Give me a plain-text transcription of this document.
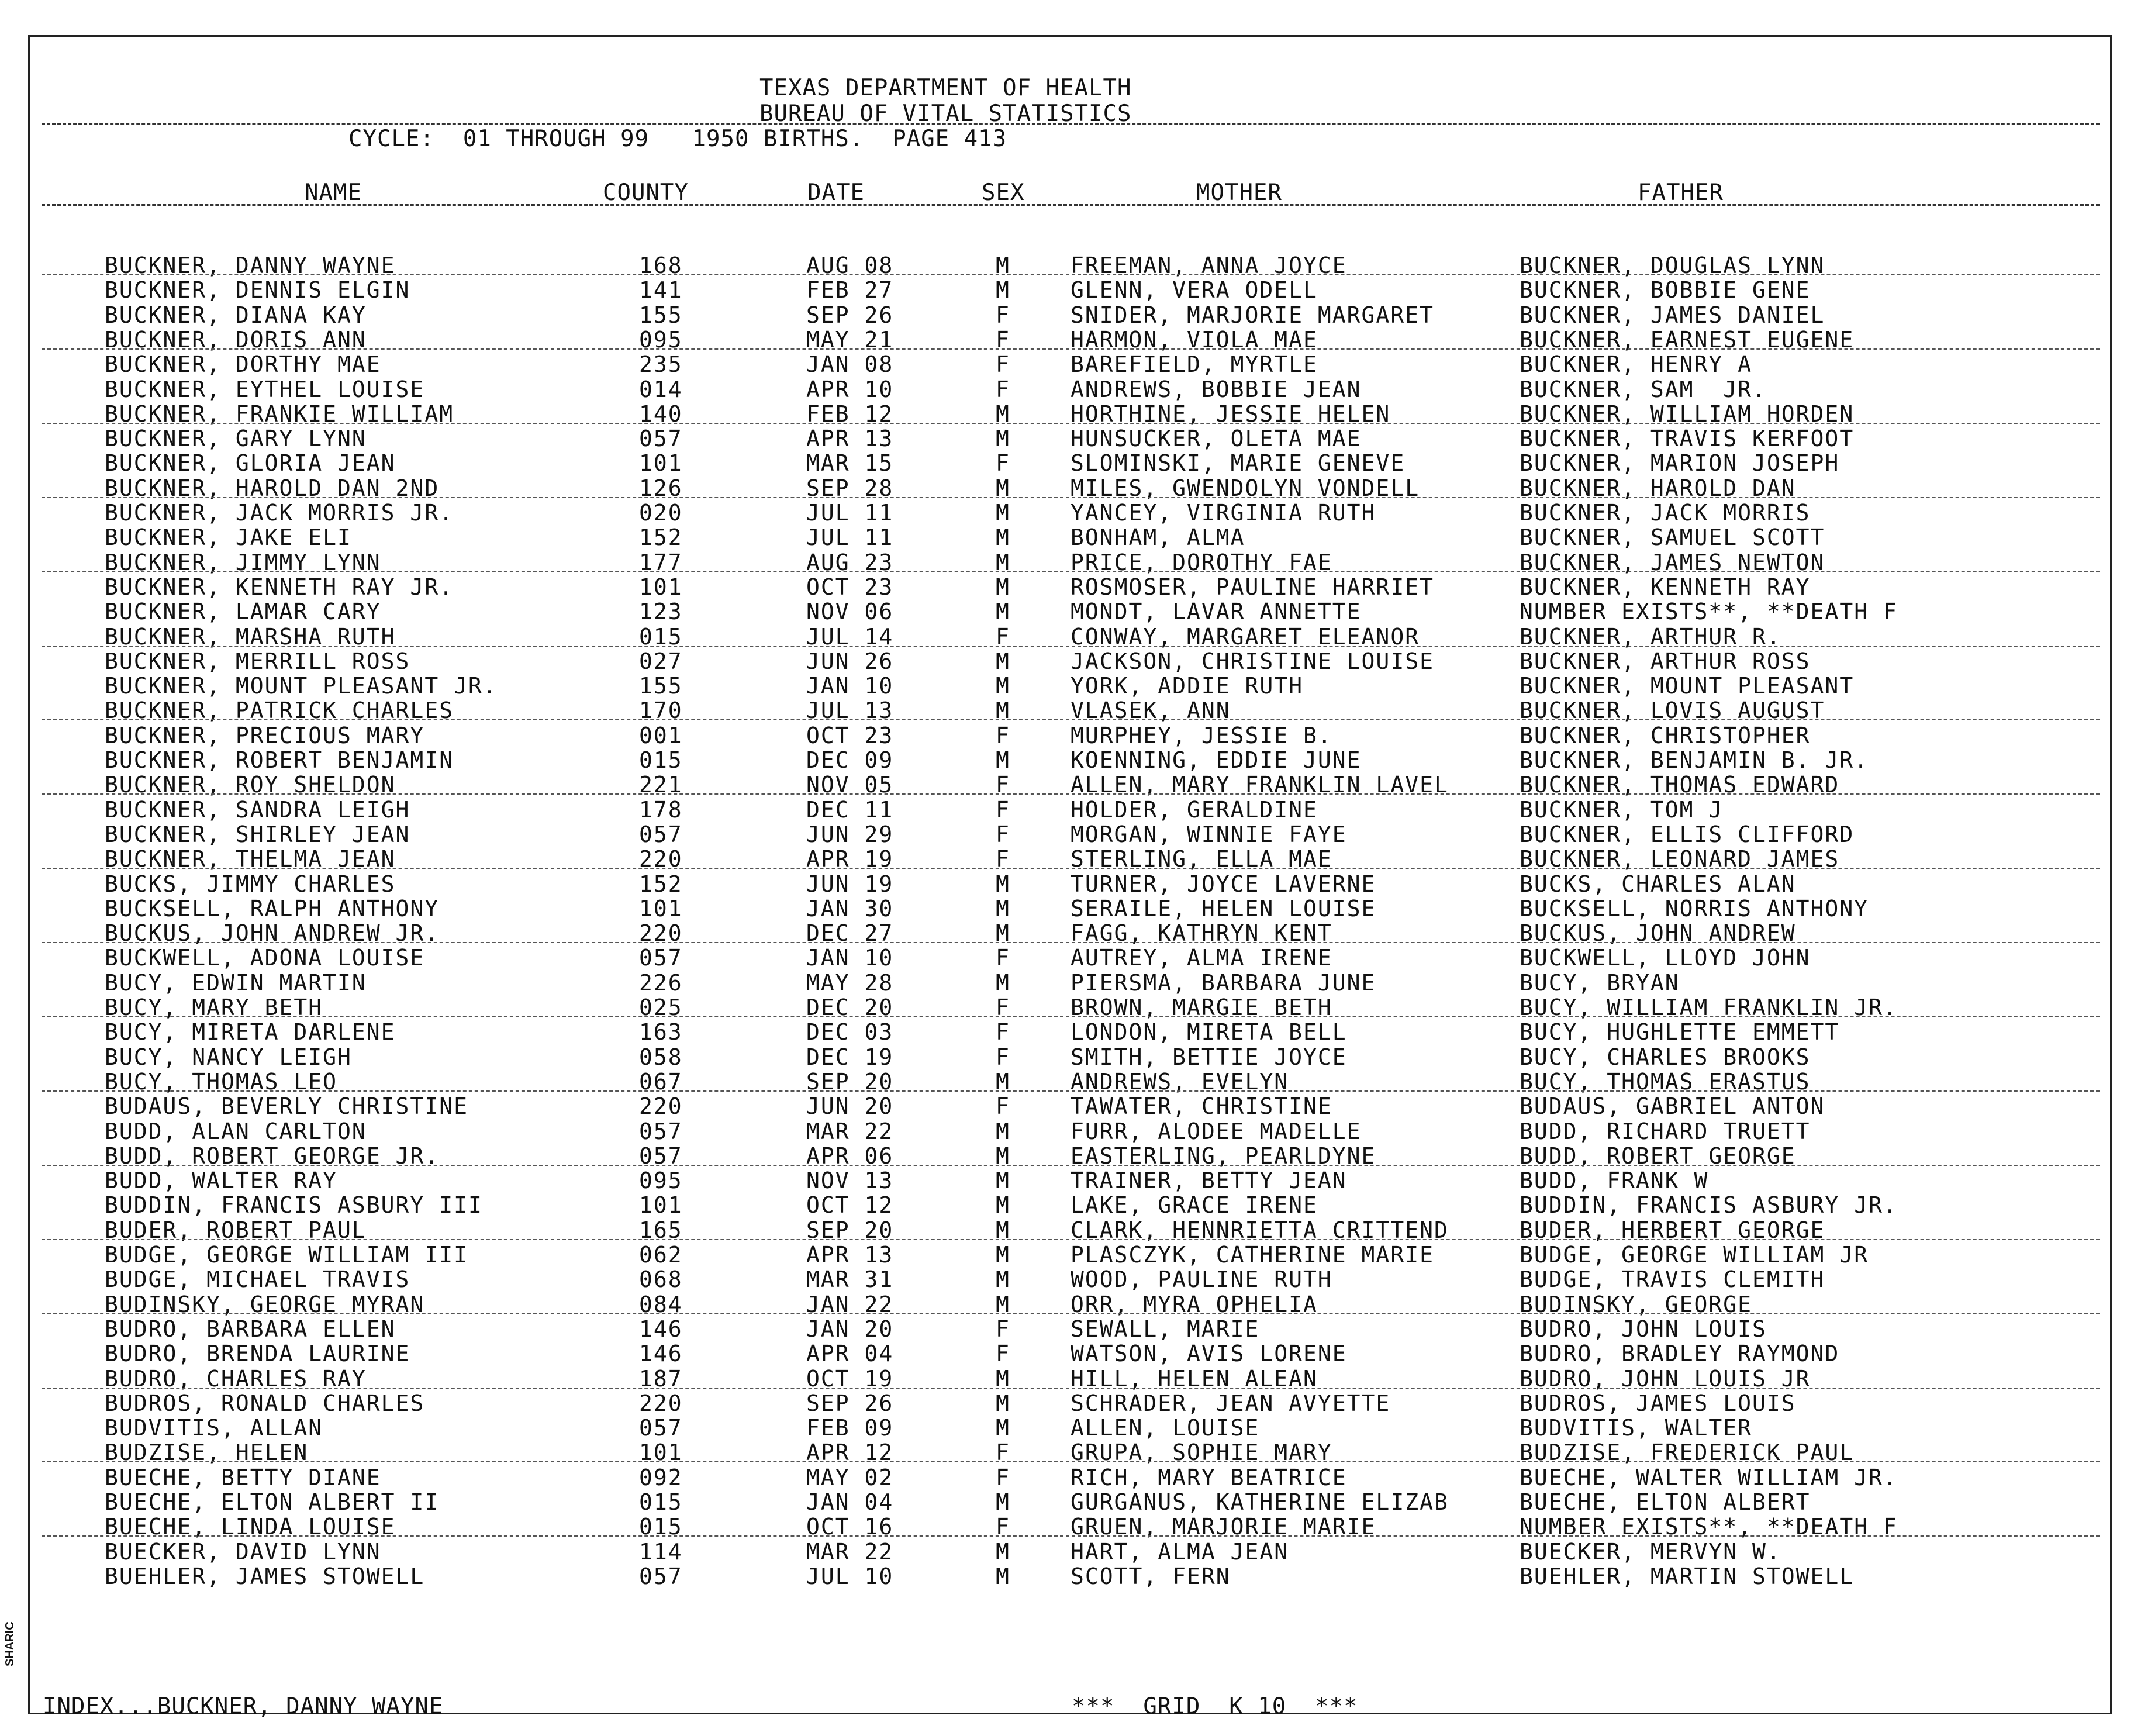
TEXAS DEPARTMENT OF HEALTH
BUREAU OF VITAL STATISTICS
CYCLE:  01 THROUGH 99   1950 BIRTHS.  PAGE 413
NAME	COUNTY	DATE	SEX	MOTHER	FATHER
BUCKNER, DANNY WAYNE	168	AUG 08	M	FREEMAN, ANNA JOYCE	BUCKNER, DOUGLAS LYNN
BUCKNER, DENNIS ELGIN	141	FEB 27	M	GLENN, VERA ODELL	BUCKNER, BOBBIE GENE
BUCKNER, DIANA KAY	155	SEP 26	F	SNIDER, MARJORIE MARGARET	BUCKNER, JAMES DANIEL
BUCKNER, DORIS ANN	095	MAY 21	F	HARMON, VIOLA MAE	BUCKNER, EARNEST EUGENE
BUCKNER, DORTHY MAE	235	JAN 08	F	BAREFIELD, MYRTLE	BUCKNER, HENRY A
BUCKNER, EYTHEL LOUISE	014	APR 10	F	ANDREWS, BOBBIE JEAN	BUCKNER, SAM  JR.
BUCKNER, FRANKIE WILLIAM	140	FEB 12	M	HORTHINE, JESSIE HELEN	BUCKNER, WILLIAM HORDEN
BUCKNER, GARY LYNN	057	APR 13	M	HUNSUCKER, OLETA MAE	BUCKNER, TRAVIS KERFOOT
BUCKNER, GLORIA JEAN	101	MAR 15	F	SLOMINSKI, MARIE GENEVE	BUCKNER, MARION JOSEPH
BUCKNER, HAROLD DAN 2ND	126	SEP 28	M	MILES, GWENDOLYN VONDELL	BUCKNER, HAROLD DAN
BUCKNER, JACK MORRIS JR.	020	JUL 11	M	YANCEY, VIRGINIA RUTH	BUCKNER, JACK MORRIS
BUCKNER, JAKE ELI	152	JUL 11	M	BONHAM, ALMA	BUCKNER, SAMUEL SCOTT
BUCKNER, JIMMY LYNN	177	AUG 23	M	PRICE, DOROTHY FAE	BUCKNER, JAMES NEWTON
BUCKNER, KENNETH RAY JR.	101	OCT 23	M	ROSMOSER, PAULINE HARRIET	BUCKNER, KENNETH RAY
BUCKNER, LAMAR CARY	123	NOV 06	M	MONDT, LAVAR ANNETTE	NUMBER EXISTS**, **DEATH F
BUCKNER, MARSHA RUTH	015	JUL 14	F	CONWAY, MARGARET ELEANOR	BUCKNER, ARTHUR R.
BUCKNER, MERRILL ROSS	027	JUN 26	M	JACKSON, CHRISTINE LOUISE	BUCKNER, ARTHUR ROSS
BUCKNER, MOUNT PLEASANT JR.	155	JAN 10	M	YORK, ADDIE RUTH	BUCKNER, MOUNT PLEASANT
BUCKNER, PATRICK CHARLES	170	JUL 13	M	VLASEK, ANN	BUCKNER, LOVIS AUGUST
BUCKNER, PRECIOUS MARY	001	OCT 23	F	MURPHEY, JESSIE B.	BUCKNER, CHRISTOPHER
BUCKNER, ROBERT BENJAMIN	015	DEC 09	M	KOENNING, EDDIE JUNE	BUCKNER, BENJAMIN B. JR.
BUCKNER, ROY SHELDON	221	NOV 05	F	ALLEN, MARY FRANKLIN LAVEL	BUCKNER, THOMAS EDWARD
BUCKNER, SANDRA LEIGH	178	DEC 11	F	HOLDER, GERALDINE	BUCKNER, TOM J
BUCKNER, SHIRLEY JEAN	057	JUN 29	F	MORGAN, WINNIE FAYE	BUCKNER, ELLIS CLIFFORD
BUCKNER, THELMA JEAN	220	APR 19	F	STERLING, ELLA MAE	BUCKNER, LEONARD JAMES
BUCKS, JIMMY CHARLES	152	JUN 19	M	TURNER, JOYCE LAVERNE	BUCKS, CHARLES ALAN
BUCKSELL, RALPH ANTHONY	101	JAN 30	M	SERAILE, HELEN LOUISE	BUCKSELL, NORRIS ANTHONY
BUCKUS, JOHN ANDREW JR.	220	DEC 27	M	FAGG, KATHRYN KENT	BUCKUS, JOHN ANDREW
BUCKWELL, ADONA LOUISE	057	JAN 10	F	AUTREY, ALMA IRENE	BUCKWELL, LLOYD JOHN
BUCY, EDWIN MARTIN	226	MAY 28	M	PIERSMA, BARBARA JUNE	BUCY, BRYAN
BUCY, MARY BETH	025	DEC 20	F	BROWN, MARGIE BETH	BUCY, WILLIAM FRANKLIN JR.
BUCY, MIRETA DARLENE	163	DEC 03	F	LONDON, MIRETA BELL	BUCY, HUGHLETTE EMMETT
BUCY, NANCY LEIGH	058	DEC 19	F	SMITH, BETTIE JOYCE	BUCY, CHARLES BROOKS
BUCY, THOMAS LEO	067	SEP 20	M	ANDREWS, EVELYN	BUCY, THOMAS ERASTUS
BUDAUS, BEVERLY CHRISTINE	220	JUN 20	F	TAWATER, CHRISTINE	BUDAUS, GABRIEL ANTON
BUDD, ALAN CARLTON	057	MAR 22	M	FURR, ALODEE MADELLE	BUDD, RICHARD TRUETT
BUDD, ROBERT GEORGE JR.	057	APR 06	M	EASTERLING, PEARLDYNE	BUDD, ROBERT GEORGE
BUDD, WALTER RAY	095	NOV 13	M	TRAINER, BETTY JEAN	BUDD, FRANK W
BUDDIN, FRANCIS ASBURY III	101	OCT 12	M	LAKE, GRACE IRENE	BUDDIN, FRANCIS ASBURY JR.
BUDER, ROBERT PAUL	165	SEP 20	M	CLARK, HENNRIETTA CRITTEND	BUDER, HERBERT GEORGE
BUDGE, GEORGE WILLIAM III	062	APR 13	M	PLASCZYK, CATHERINE MARIE	BUDGE, GEORGE WILLIAM JR
BUDGE, MICHAEL TRAVIS	068	MAR 31	M	WOOD, PAULINE RUTH	BUDGE, TRAVIS CLEMITH
BUDINSKY, GEORGE MYRAN	084	JAN 22	M	ORR, MYRA OPHELIA	BUDINSKY, GEORGE
BUDRO, BARBARA ELLEN	146	JAN 20	F	SEWALL, MARIE	BUDRO, JOHN LOUIS
BUDRO, BRENDA LAURINE	146	APR 04	F	WATSON, AVIS LORENE	BUDRO, BRADLEY RAYMOND
BUDRO, CHARLES RAY	187	OCT 19	M	HILL, HELEN ALEAN	BUDRO, JOHN LOUIS JR
BUDROS, RONALD CHARLES	220	SEP 26	M	SCHRADER, JEAN AVYETTE	BUDROS, JAMES LOUIS
BUDVITIS, ALLAN	057	FEB 09	M	ALLEN, LOUISE	BUDVITIS, WALTER
BUDZISE, HELEN	101	APR 12	F	GRUPA, SOPHIE MARY	BUDZISE, FREDERICK PAUL
BUECHE, BETTY DIANE	092	MAY 02	F	RICH, MARY BEATRICE	BUECHE, WALTER WILLIAM JR.
BUECHE, ELTON ALBERT II	015	JAN 04	M	GURGANUS, KATHERINE ELIZAB	BUECHE, ELTON ALBERT
BUECHE, LINDA LOUISE	015	OCT 16	F	GRUEN, MARJORIE MARIE	NUMBER EXISTS**, **DEATH F
BUECKER, DAVID LYNN	114	MAR 22	M	HART, ALMA JEAN	BUECKER, MERVYN W.
BUEHLER, JAMES STOWELL	057	JUL 10	M	SCOTT, FERN	BUEHLER, MARTIN STOWELL
INDEX...BUCKNER, DANNY WAYNE	***  GRID  K 10  ***
SHARIC
